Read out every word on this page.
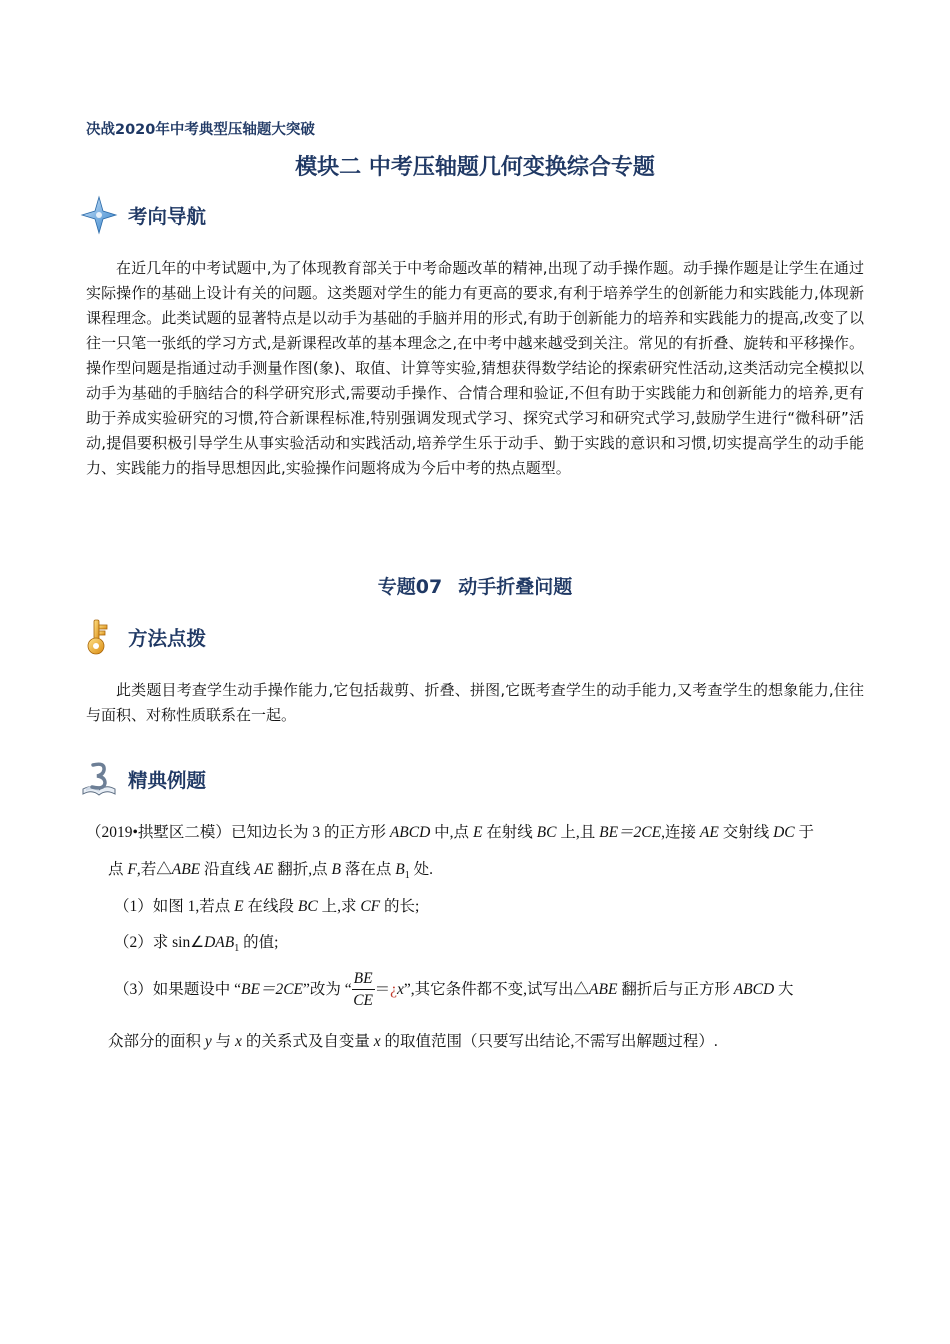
决战2020年中考典型压轴题大突破
模块二 中考压轴题几何变换综合专题
考向导航
在近几年的中考试题中,为了体现教育部关于中考命题改革的精神,出现了动手操作题。动手操作题是让学生在通过实际操作的基础上设计有关的问题。这类题对学生的能力有更高的要求,有利于培养学生的创新能力和实践能力,体现新课程理念。此类试题的显著特点是以动手为基础的手脑并用的形式,有助于创新能力的培养和实践能力的提高,改变了以往一只笔一张纸的学习方式,是新课程改革的基本理念之,在中考中越来越受到关注。常见的有折叠、旋转和平移操作。操作型问题是指通过动手测量作图(象)、取值、计算等实验,猜想获得数学结论的探索研究性活动,这类活动完全模拟以动手为基础的手脑结合的科学研究形式,需要动手操作、合情合理和验证,不但有助于实践能力和创新能力的培养,更有助于养成实验研究的习惯,符合新课程标准,特别强调发现式学习、探究式学习和研究式学习,鼓励学生进行“微科研”活动,提倡要积极引导学生从事实验活动和实践活动,培养学生乐于动手、勤于实践的意识和习惯,切实提高学生的动手能力、实践能力的指导思想因此,实验操作问题将成为今后中考的热点题型。
专题07 动手折叠问题
方法点拨
此类题目考查学生动手操作能力,它包括裁剪、折叠、拼图,它既考查学生的动手能力,又考查学生的想象能力,住往与面积、对称性质联系在一起。
精典例题
（2019•拱墅区二模）已知边长为 3 的正方形 ABCD 中,点 E 在射线 BC 上,且 BE＝2CE,连接 AE 交射线 DC 于
点 F,若△ABE 沿直线 AE 翻折,点 B 落在点 $B_1$ 处.
（1）如图 1,若点 E 在线段 BC 上,求 CF 的长;
（2）求 $\sin\angle DAB_1$ 的值;
（3）如果题设中 “BE＝2CE”改为 “ $\frac{BE}{CE}$ ＝¿x”,其它条件都不变,试写出△ABE 翻折后与正方形 ABCD 大
众部分的面积 y 与 x 的关系式及自变量 x 的取值范围（只要写出结论,不需写出解题过程）.
